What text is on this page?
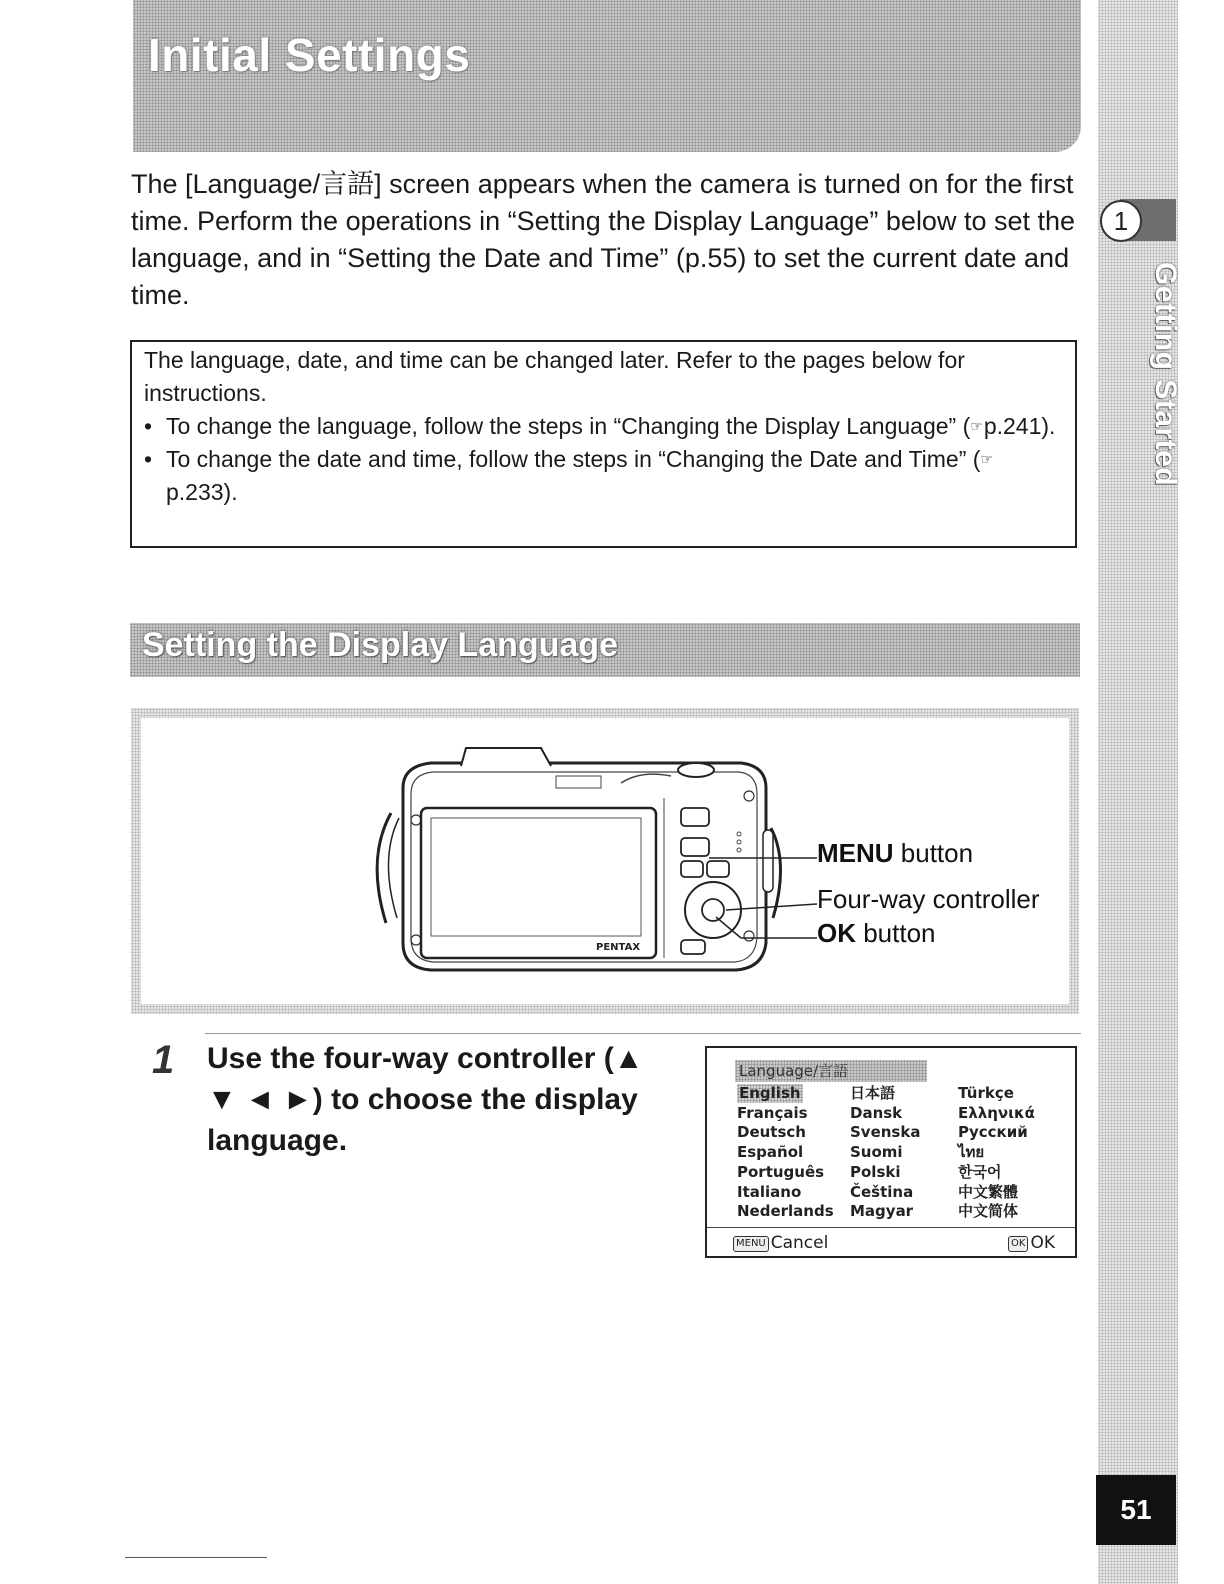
1
Getting Started
51
Initial Settings

The [Language/言語] screen appears when the camera is turned on for the first time. Perform the operations in “Setting the Display Language” below to set the language, and in “Setting the Date and Time” (p.55) to set the current date and time.

The language, date, and time can be changed later. Refer to the pages below for instructions.

• To change the language, follow the steps in “Changing the Display Language” (☞p.241).

• To change the date and time, follow the steps in “Changing the Date and Time” (☞p.233).

Setting the Display Language
PENTAX
MENU button
Four-way controller
OK button
1 Use the four-way controller (▲ ▼ ◄ ►) to choose the display language.

Language/言語
English
Français
Deutsch
Español
Português
Italiano
Nederlands
日本語
Dansk
Svenska
Suomi
Polski
Čeština
Magyar
Türkçe
Ελληνικά
Русский
ไทย
한국어
中文繁體
中文简体
MENU Cancel	OK OK
